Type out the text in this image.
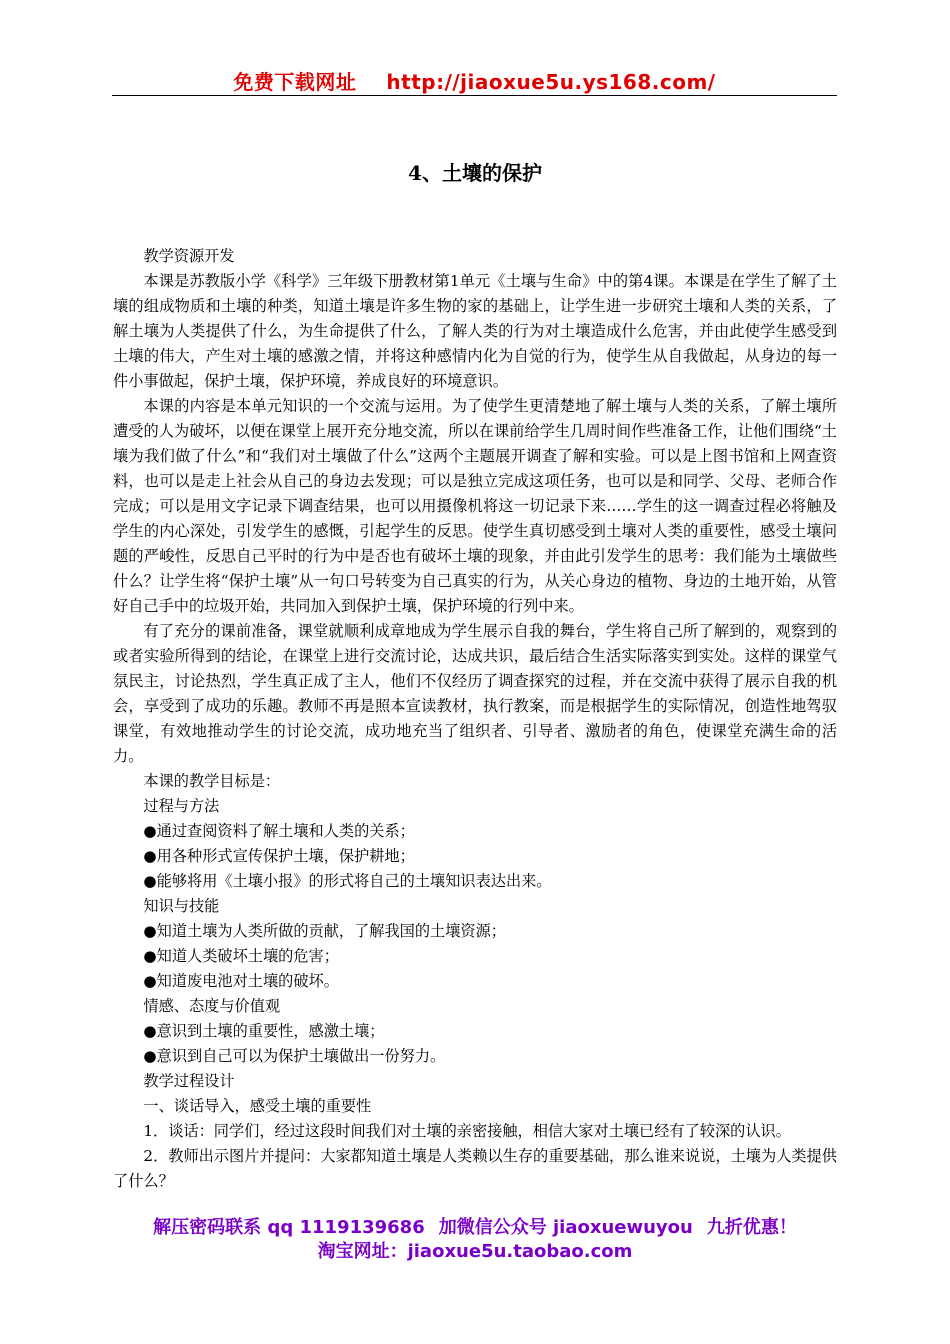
免费下载网址 http://jiaoxue5u.ys168.com/
4、土壤的保护

教学资源开发

本课是苏教版小学《科学》三年级下册教材第1单元《土壤与生命》中的第4课。本课是在学生了解了土壤的组成物质和土壤的种类，知道土壤是许多生物的家的基础上，让学生进一步研究土壤和人类的关系，了解土壤为人类提供了什么，为生命提供了什么，了解人类的行为对土壤造成什么危害，并由此使学生感受到土壤的伟大，产生对土壤的感激之情，并将这种感情内化为自觉的行为，使学生从自我做起，从身边的每一件小事做起，保护土壤，保护环境，养成良好的环境意识。

本课的内容是本单元知识的一个交流与运用。为了使学生更清楚地了解土壤与人类的关系，了解土壤所遭受的人为破坏，以便在课堂上展开充分地交流，所以在课前给学生几周时间作些准备工作，让他们围绕“土壤为我们做了什么”和“我们对土壤做了什么”这两个主题展开调查了解和实验。可以是上图书馆和上网查资料，也可以是走上社会从自己的身边去发现；可以是独立完成这项任务，也可以是和同学、父母、老师合作完成；可以是用文字记录下调查结果，也可以用摄像机将这一切记录下来……学生的这一调查过程必将触及学生的内心深处，引发学生的感慨，引起学生的反思。使学生真切感受到土壤对人类的重要性，感受土壤问题的严峻性，反思自己平时的行为中是否也有破坏土壤的现象，并由此引发学生的思考：我们能为土壤做些什么？让学生将“保护土壤”从一句口号转变为自己真实的行为，从关心身边的植物、身边的土地开始，从管好自己手中的垃圾开始，共同加入到保护土壤，保护环境的行列中来。

有了充分的课前准备，课堂就顺利成章地成为学生展示自我的舞台，学生将自己所了解到的，观察到的或者实验所得到的结论，在课堂上进行交流讨论，达成共识，最后结合生活实际落实到实处。这样的课堂气氛民主，讨论热烈，学生真正成了主人，他们不仅经历了调查探究的过程，并在交流中获得了展示自我的机会，享受到了成功的乐趣。教师不再是照本宣读教材，执行教案，而是根据学生的实际情况，创造性地驾驭课堂，有效地推动学生的讨论交流，成功地充当了组织者、引导者、激励者的角色，使课堂充满生命的活力。

本课的教学目标是：

过程与方法

●通过查阅资料了解土壤和人类的关系；

●用各种形式宣传保护土壤，保护耕地；

●能够将用《土壤小报》的形式将自己的土壤知识表达出来。

知识与技能

●知道土壤为人类所做的贡献，了解我国的土壤资源；

●知道人类破坏土壤的危害；

●知道废电池对土壤的破坏。

情感、态度与价值观

●意识到土壤的重要性，感激土壤；

●意识到自己可以为保护土壤做出一份努力。

教学过程设计

一、谈话导入，感受土壤的重要性

1．谈话：同学们，经过这段时间我们对土壤的亲密接触，相信大家对土壤已经有了较深的认识。

2．教师出示图片并提问：大家都知道土壤是人类赖以生存的重要基础，那么谁来说说，土壤为人类提供了什么？

解压密码联系 qq 1119139686 加微信公众号 jiaoxuewuyou 九折优惠！
淘宝网址：jiaoxue5u.taobao.com
